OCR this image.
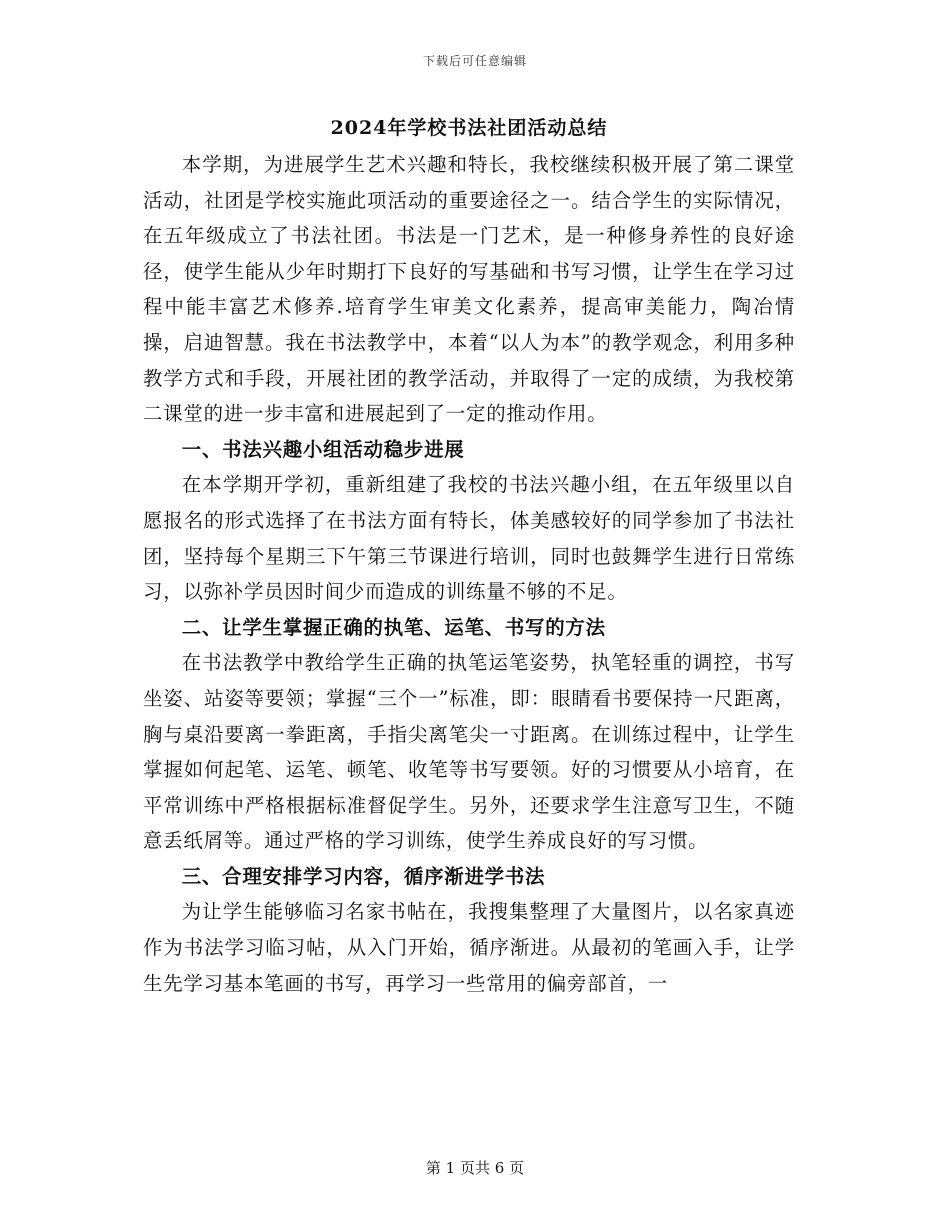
下载后可任意编辑
2024年学校书法社团活动总结

本学期，为进展学生艺术兴趣和特长，我校继续积极开展了第二课堂活动，社团是学校实施此项活动的重要途径之一。结合学生的实际情况，在五年级成立了书法社团。书法是一门艺术，是一种修身养性的良好途径，使学生能从少年时期打下良好的写基础和书写习惯，让学生在学习过程中能丰富艺术修养.培育学生审美文化素养，提高审美能力，陶冶情操，启迪智慧。我在书法教学中，本着“以人为本”的教学观念，利用多种教学方式和手段，开展社团的教学活动，并取得了一定的成绩，为我校第二课堂的进一步丰富和进展起到了一定的推动作用。

一、书法兴趣小组活动稳步进展

在本学期开学初，重新组建了我校的书法兴趣小组，在五年级里以自愿报名的形式选择了在书法方面有特长，体美感较好的同学参加了书法社团，坚持每个星期三下午第三节课进行培训，同时也鼓舞学生进行日常练习，以弥补学员因时间少而造成的训练量不够的不足。

二、让学生掌握正确的执笔、运笔、书写的方法

在书法教学中教给学生正确的执笔运笔姿势，执笔轻重的调控，书写坐姿、站姿等要领；掌握“三个一”标准，即：眼睛看书要保持一尺距离，胸与桌沿要离一拳距离，手指尖离笔尖一寸距离。在训练过程中，让学生掌握如何起笔、运笔、顿笔、收笔等书写要领。好的习惯要从小培育，在平常训练中严格根据标准督促学生。另外，还要求学生注意写卫生，不随意丢纸屑等。通过严格的学习训练，使学生养成良好的写习惯。

三、合理安排学习内容，循序渐进学书法

为让学生能够临习名家书帖在，我搜集整理了大量图片，以名家真迹作为书法学习临习帖，从入门开始，循序渐进。从最初的笔画入手，让学生先学习基本笔画的书写，再学习一些常用的偏旁部首，一

第 1 页共 6 页
